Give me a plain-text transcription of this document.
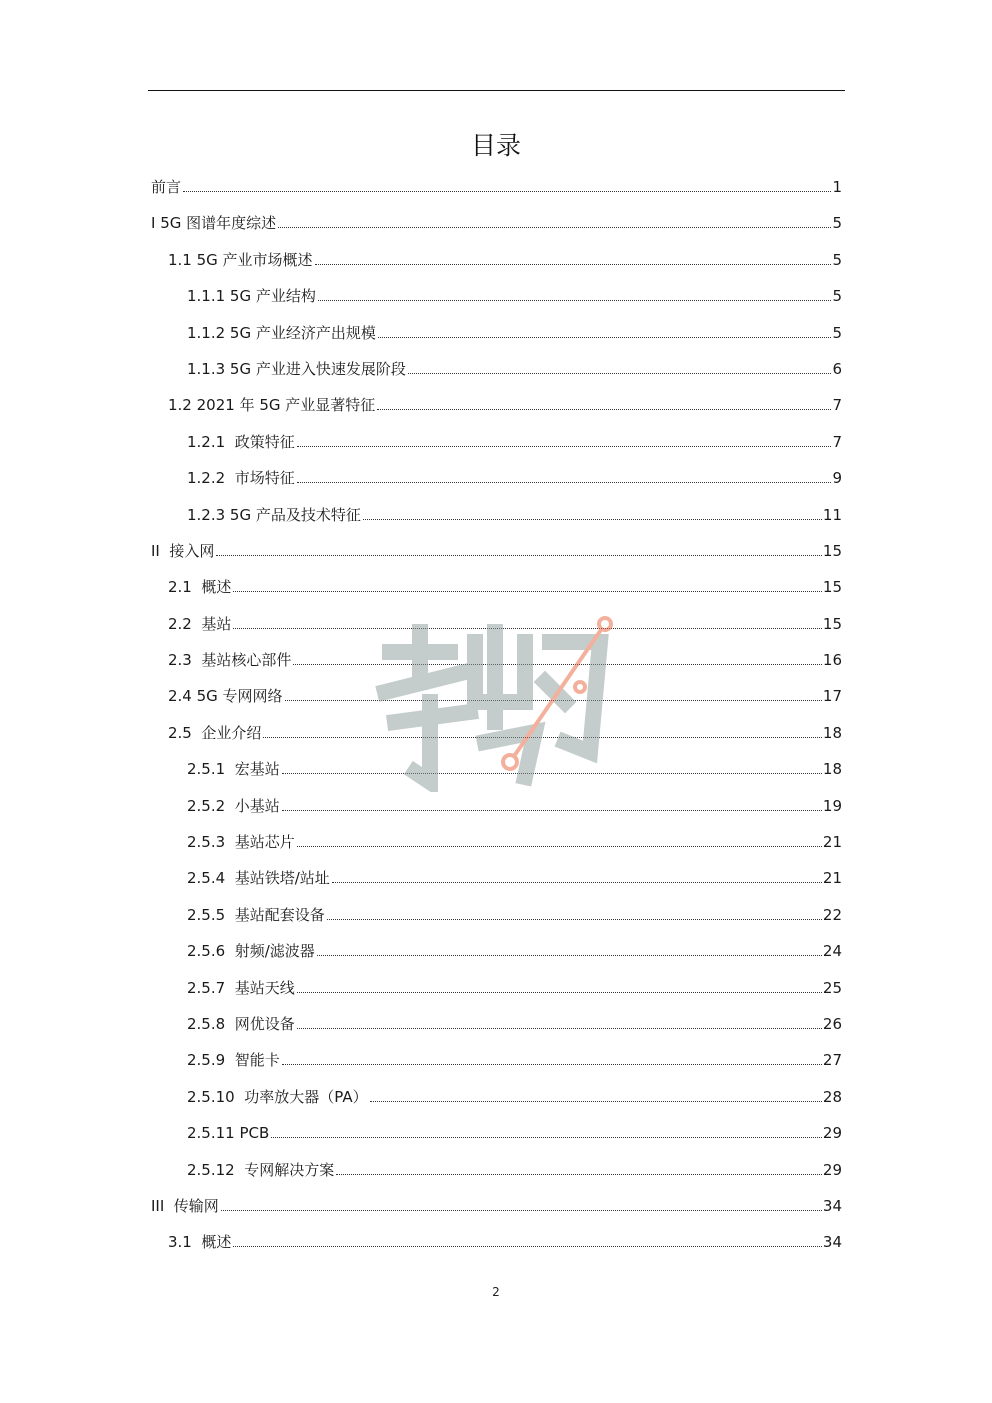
目录
前言	1
I 5G 图谱年度综述	5
1.1 5G 产业市场概述	5
1.1.1 5G 产业结构	5
1.1.2 5G 产业经济产出规模	5
1.1.3 5G 产业进入快速发展阶段	6
1.2 2021 年 5G 产业显著特征	7
1.2.1  政策特征	7
1.2.2  市场特征	9
1.2.3 5G 产品及技术特征	11
II  接入网	15
2.1  概述	15
2.2  基站	15
2.3  基站核心部件	16
2.4 5G 专网网络	17
2.5  企业介绍	18
2.5.1  宏基站	18
2.5.2  小基站	19
2.5.3  基站芯片	21
2.5.4  基站铁塔/站址	21
2.5.5  基站配套设备	22
2.5.6  射频/滤波器	24
2.5.7  基站天线	25
2.5.8  网优设备	26
2.5.9  智能卡	27
2.5.10  功率放大器（PA）	28
2.5.11 PCB	29
2.5.12  专网解决方案	29
III  传输网	34
3.1  概述	34
2
